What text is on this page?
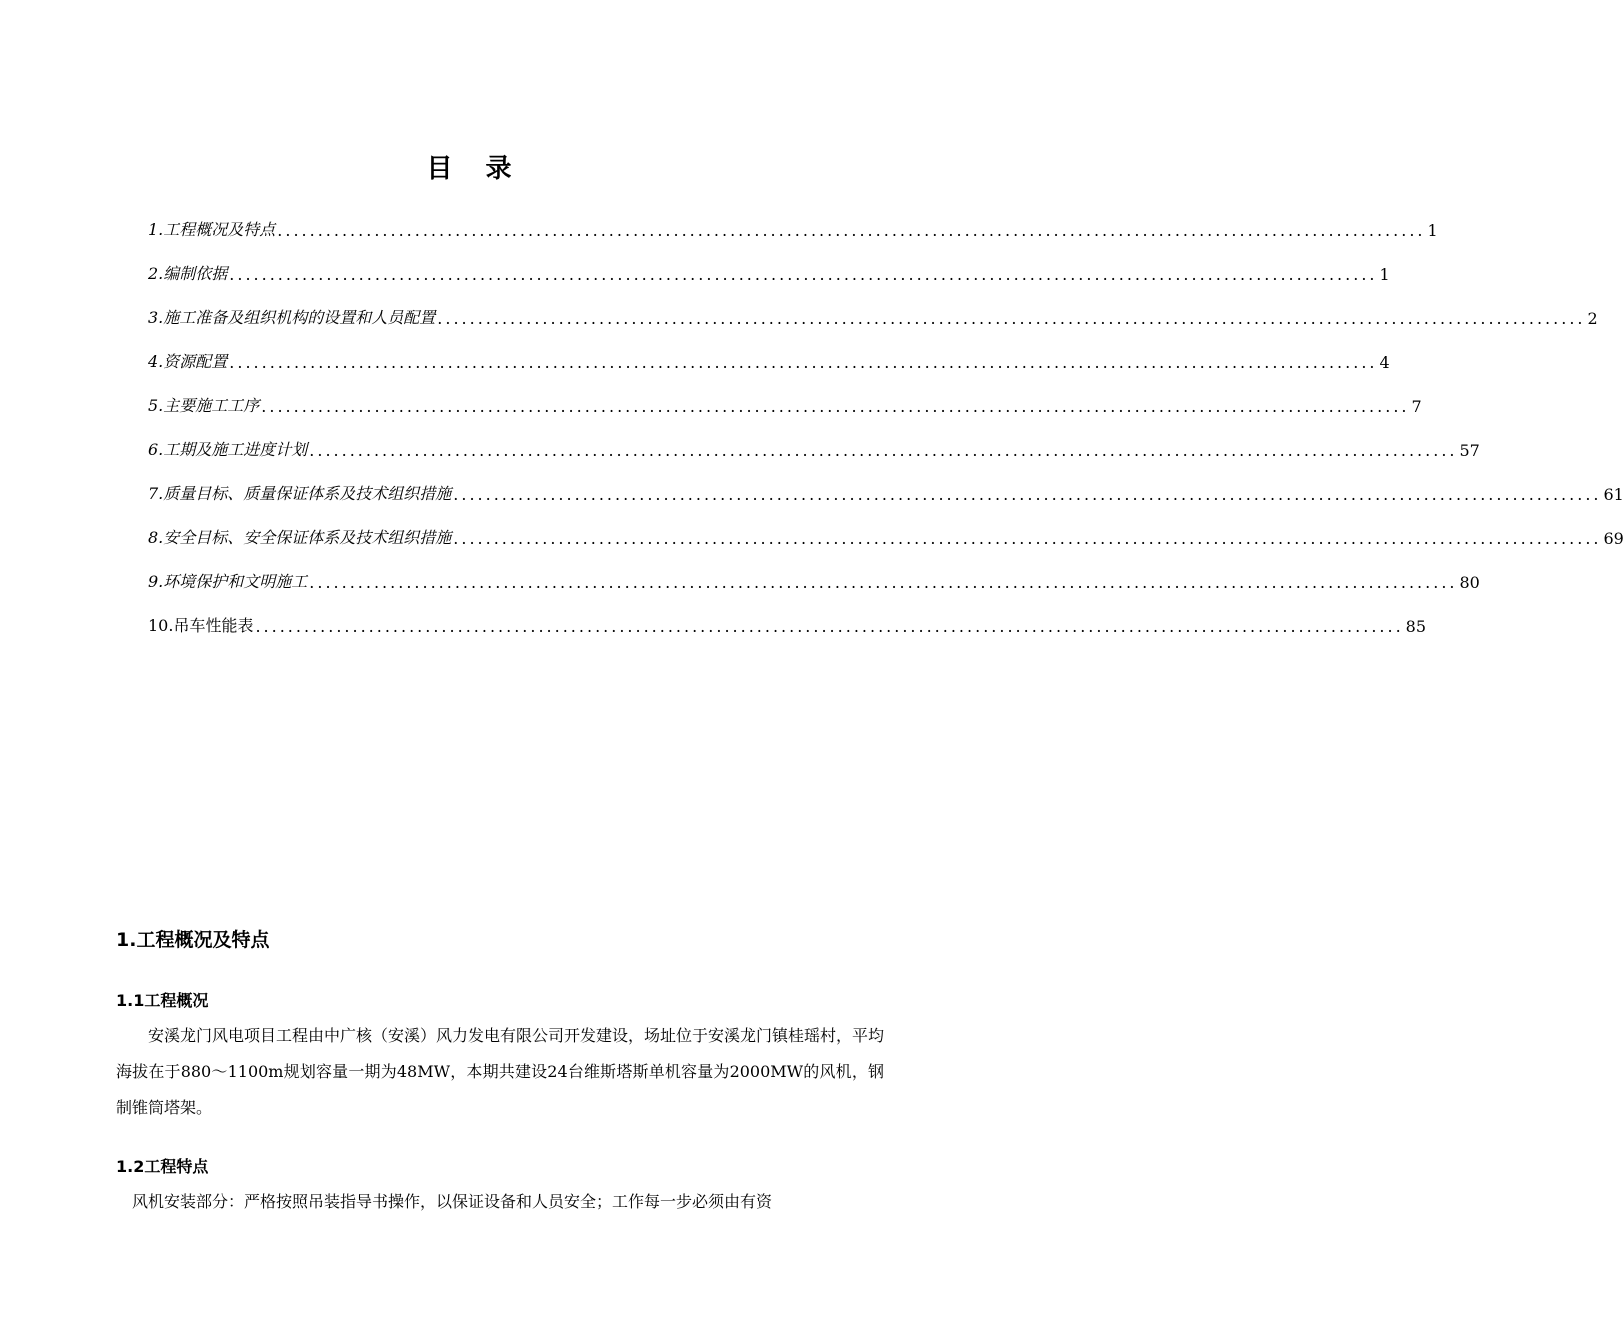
目 录
1.工程概况及特点 .............................................................................................................................................. 1
2.编制依据 .............................................................................................................................................. 1
3.施工准备及组织机构的设置和人员配置 .............................................................................................................................................. 2
4.资源配置 .............................................................................................................................................. 4
5.主要施工工序 .............................................................................................................................................. 7
6.工期及施工进度计划 .............................................................................................................................................. 57
7.质量目标、质量保证体系及技术组织措施 .............................................................................................................................................. 61
8.安全目标、安全保证体系及技术组织措施 .............................................................................................................................................. 69
9.环境保护和文明施工 .............................................................................................................................................. 80
10.吊车性能表 .............................................................................................................................................. 85
1.工程概况及特点
1.1工程概况
安溪龙门风电项目工程由中广核（安溪）风力发电有限公司开发建设，场址位于安溪龙门镇桂瑶村，平均海拔在于880～1100m规划容量一期为48MW，本期共建设24台维斯塔斯单机容量为2000MW的风机，钢制锥筒塔架。
1.2工程特点
风机安装部分：严格按照吊装指导书操作，以保证设备和人员安全；工作每一步必须由有资
